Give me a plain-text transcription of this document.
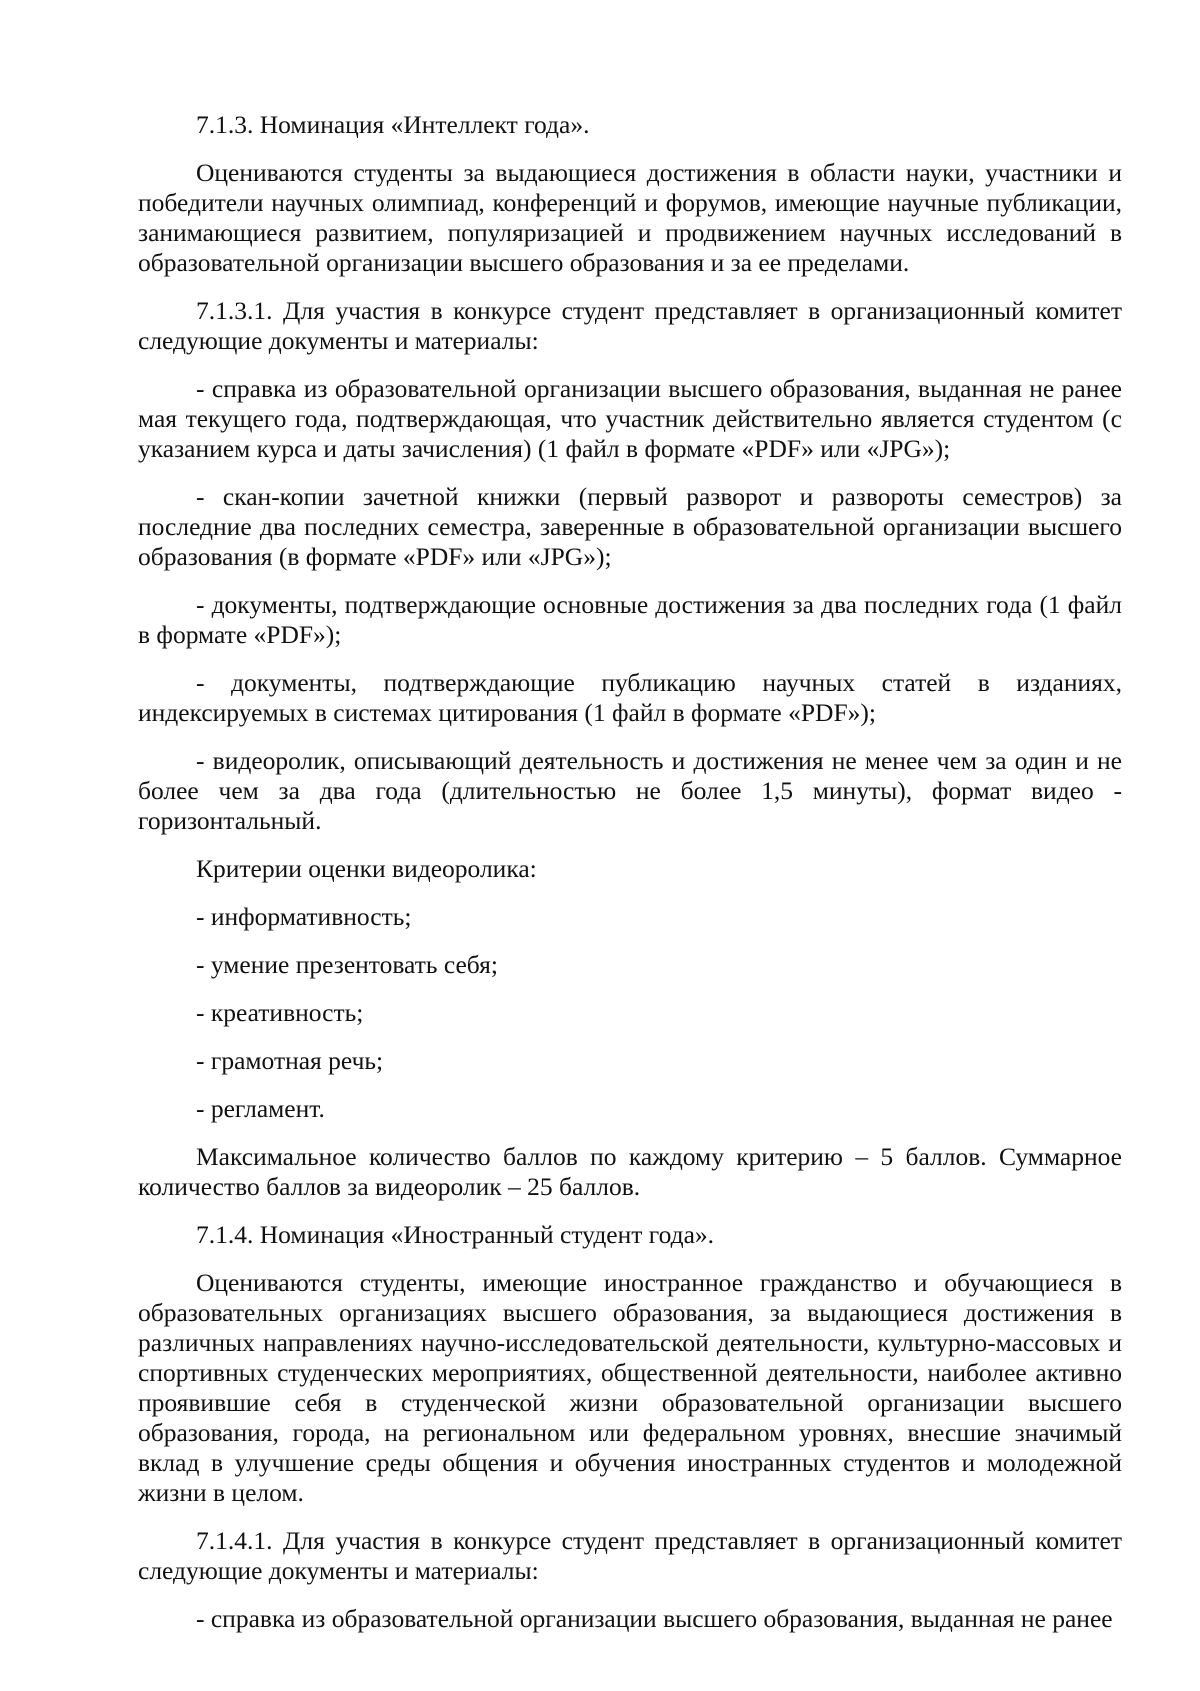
7.1.3. Номинация «Интеллект года».

Оцениваются студенты за выдающиеся достижения в области науки, участники и победители научных олимпиад, конференций и форумов, имеющие научные публикации, занимающиеся развитием, популяризацией и продвижением научных исследований в образовательной организации высшего образования и за ее пределами.

7.1.3.1. Для участия в конкурсе студент представляет в организационный комитет следующие документы и материалы:

- справка из образовательной организации высшего образования, выданная не ранее мая текущего года, подтверждающая, что участник действительно является студентом (с указанием курса и даты зачисления) (1 файл в формате «PDF» или «JPG»);

- скан-копии зачетной книжки (первый разворот и развороты семестров) за последние два последних семестра, заверенные в образовательной организации высшего образования (в формате «PDF» или «JPG»);

- документы, подтверждающие основные достижения за два последних года (1 файл в формате «PDF»);

- документы, подтверждающие публикацию научных статей в изданиях, индексируемых в системах цитирования (1 файл в формате «PDF»);

- видеоролик, описывающий деятельность и достижения не менее чем за один и не более чем за два года (длительностью не более 1,5 минуты), формат видео - горизонтальный.

Критерии оценки видеоролика:

- информативность;

- умение презентовать себя;

- креативность;

- грамотная речь;

- регламент.

Максимальное количество баллов по каждому критерию – 5 баллов. Суммарное количество баллов за видеоролик – 25 баллов.

7.1.4. Номинация «Иностранный студент года».

Оцениваются студенты, имеющие иностранное гражданство и обучающиеся в образовательных организациях высшего образования, за выдающиеся достижения в различных направлениях научно-исследовательской деятельности, культурно-массовых и спортивных студенческих мероприятиях, общественной деятельности, наиболее активно проявившие себя в студенческой жизни образовательной организации высшего образования, города, на региональном или федеральном уровнях, внесшие значимый вклад в улучшение среды общения и обучения иностранных студентов и молодежной жизни в целом.

7.1.4.1. Для участия в конкурсе студент представляет в организационный комитет следующие документы и материалы:

- справка из образовательной организации высшего образования, выданная не ранее
